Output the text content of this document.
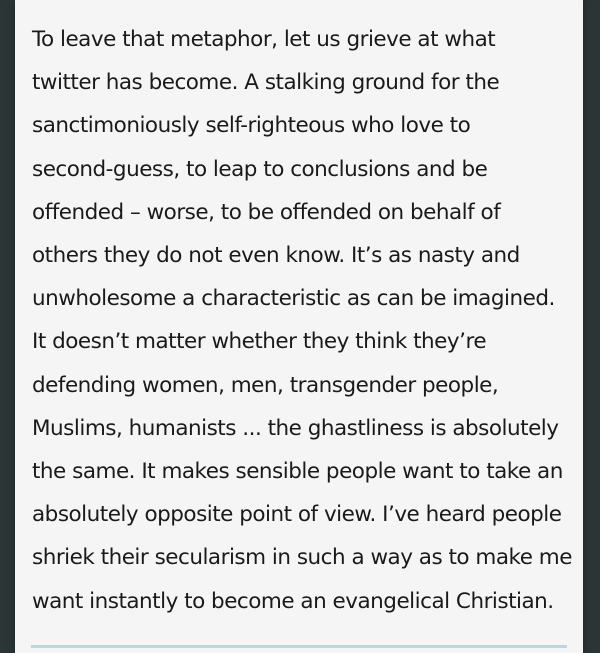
To leave that metaphor, let us grieve at what
twitter has become. A stalking ground for the
sanctimoniously self-righteous who love to
second-guess, to leap to conclusions and be
offended – worse, to be offended on behalf of
others they do not even know. It’s as nasty and
unwholesome a characteristic as can be imagined.
It doesn’t matter whether they think they’re
defending women, men, transgender people,
Muslims, humanists ... the ghastliness is absolutely
the same. It makes sensible people want to take an
absolutely opposite point of view. I’ve heard people
shriek their secularism in such a way as to make me
want instantly to become an evangelical Christian.
